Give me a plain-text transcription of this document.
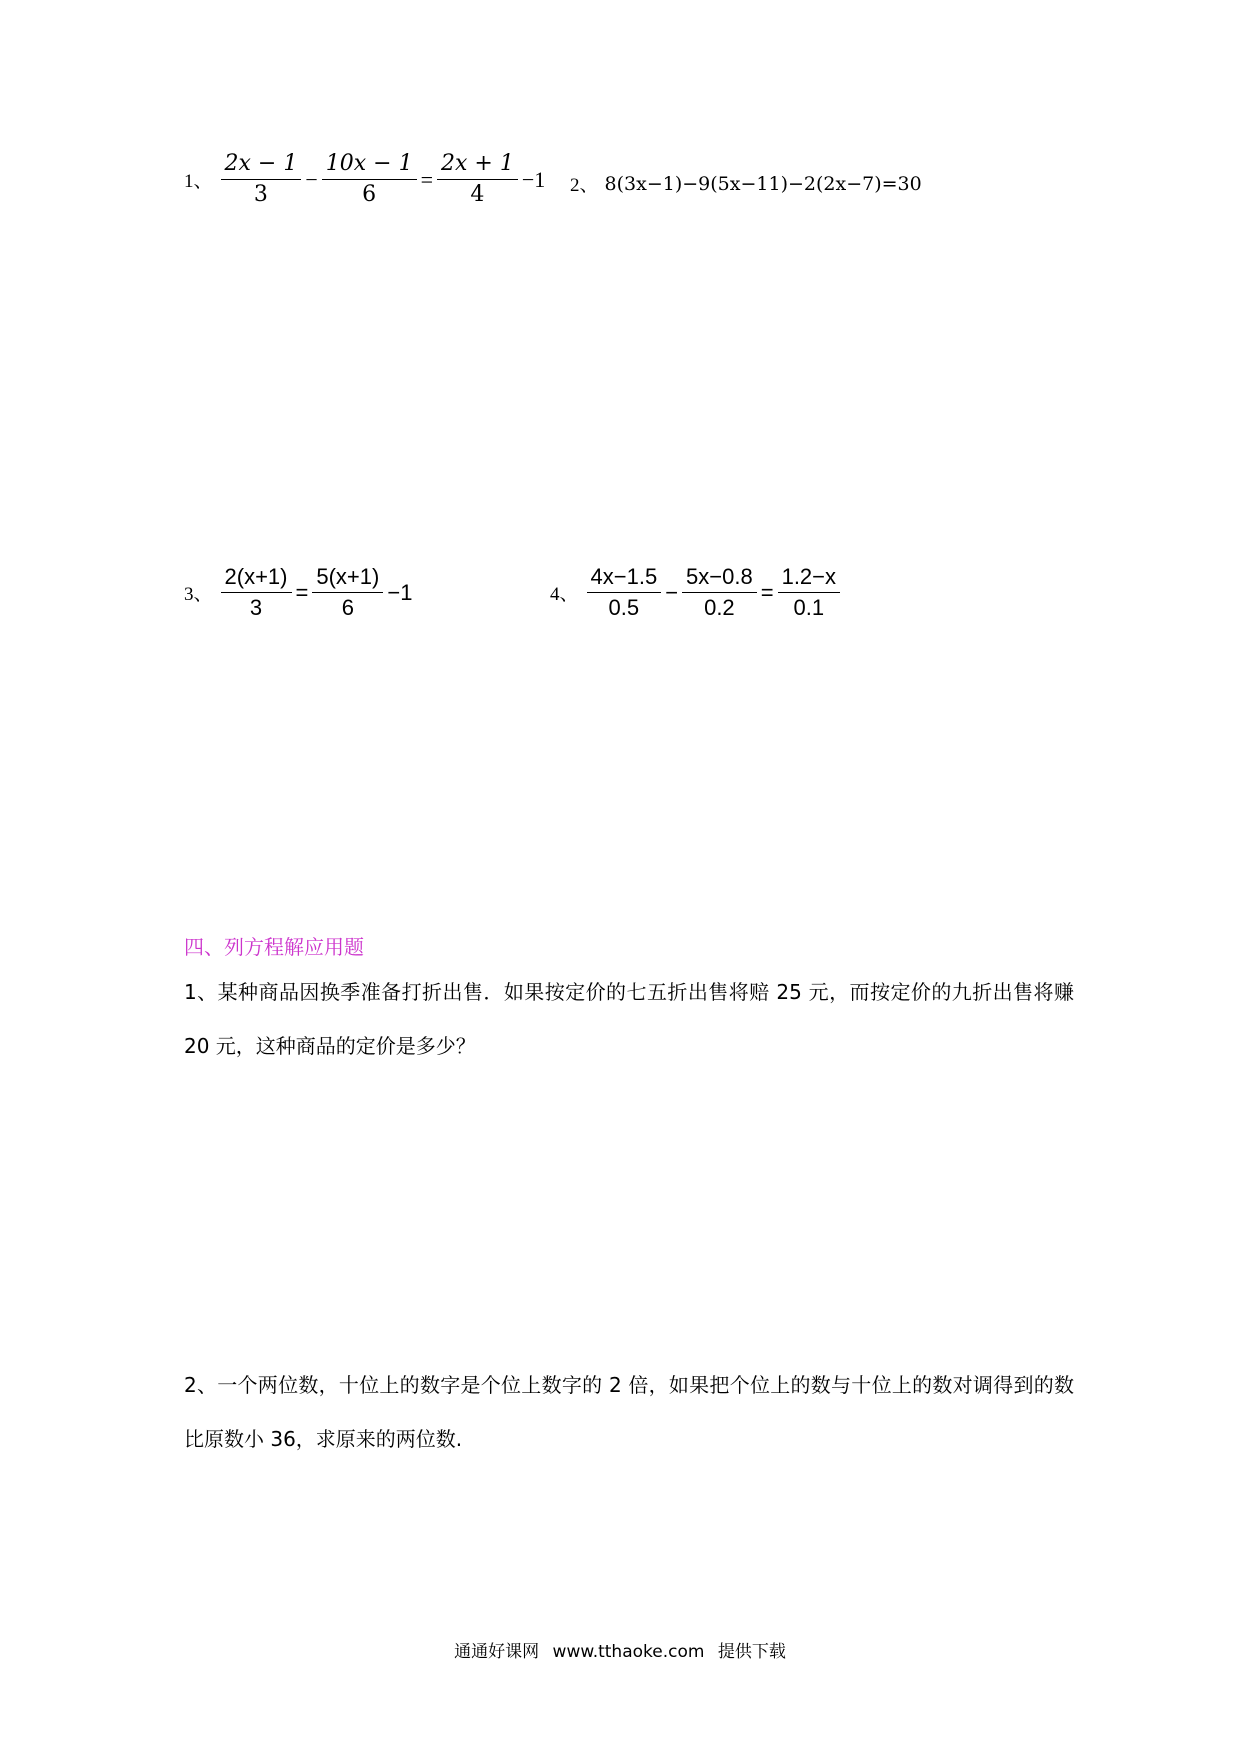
1、 $\frac{2x - 1}{3} - \frac{10x - 1}{6} = \frac{2x + 1}{4} -1$ 2、 8(3x−1)−9(5x−11)−2(2x−7)=30
3、 $\frac{2(x+1)}{3} = \frac{5(x+1)}{6} -1$	4、 $\frac{4x-1.5}{0.5} - \frac{5x-0.8}{0.2} = \frac{1.2-x}{0.1}$
四、列方程解应用题
1、某种商品因换季准备打折出售．如果按定价的七五折出售将赔 25 元，而按定价的九折出售将赚 20 元，这种商品的定价是多少？
2、一个两位数，十位上的数字是个位上数字的 2 倍，如果把个位上的数与十位上的数对调得到的数比原数小 36，求原来的两位数.
通通好课网 www.tthaoke.com 提供下载
